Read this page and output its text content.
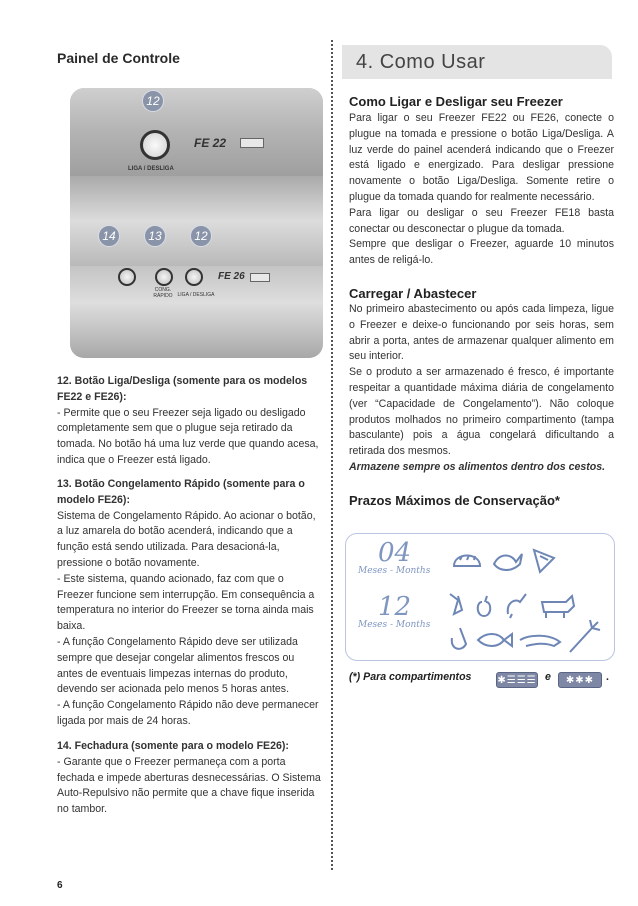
Painel de Controle
12
FE 22
LIGA / DESLIGA
14	13	12
FE 26
CONG. RÁPIDO LIGA / DESLIGA

12. Botão Liga/Desliga (somente para os modelos FE22 e FE26):

- Permite que o seu Freezer seja ligado ou desligado completamente sem que o plugue seja retirado da tomada. No botão há uma luz verde que quando acesa, indica que o Freezer está ligado.

13. Botão Congelamento Rápido (somente para o modelo FE26):

Sistema de Congelamento Rápido. Ao acionar o botão, a luz amarela do botão acenderá, indicando que a função está sendo utilizada. Para desacioná-la, pressione o botão novamente.

- Este sistema, quando acionado, faz com que o Freezer funcione sem interrupção. Em consequência a temperatura no interior do Freezer se torna ainda mais baixa.

- A função Congelamento Rápido deve ser utilizada sempre que desejar congelar alimentos frescos ou antes de eventuais limpezas internas do produto, devendo ser acionada pelo menos 5 horas antes.

- A função Congelamento Rápido não deve permanecer ligada por mais de 24 horas.

14. Fechadura (somente para o modelo FE26):

- Garante que o Freezer permaneça com a porta fechada e impede aberturas desnecessárias. O Sistema Auto-Repulsivo não permite que a chave fique inserida no tambor.

4. Como Usar
Como Ligar e Desligar seu Freezer

Para ligar o seu Freezer FE22 ou FE26, conecte o plugue na tomada e pressione o botão Liga/Desliga. A luz verde do painel acenderá indicando que o Freezer está ligado e energizado. Para desligar pressione novamente o botão Liga/Desliga. Somente retire o plugue da tomada quando for realmente necessário.

Para ligar ou desligar o seu Freezer FE18 basta conectar ou desconectar o plugue da tomada.

Sempre que desligar o Freezer, aguarde 10 minutos antes de religá-lo.

Carregar / Abastecer

No primeiro abastecimento ou após cada limpeza, ligue o Freezer e deixe-o funcionando por seis horas, sem abrir a porta, antes de armazenar qualquer alimento em seu interior.

Se o produto a ser armazenado é fresco, é importante respeitar a quantidade máxima diária de congelamento (ver “Capacidade de Congelamento”). Não coloque produtos molhados no primeiro compartimento (tampa basculante) pois a água congelará dificultando a retirada dos mesmos.

Armazene sempre os alimentos dentro dos cestos.

Prazos Máximos de Conservação*
04
Meses - Months
12
Meses - Months
(*) Para compartimentos	✱☰☰☰ e	✱✱✱	.
6
